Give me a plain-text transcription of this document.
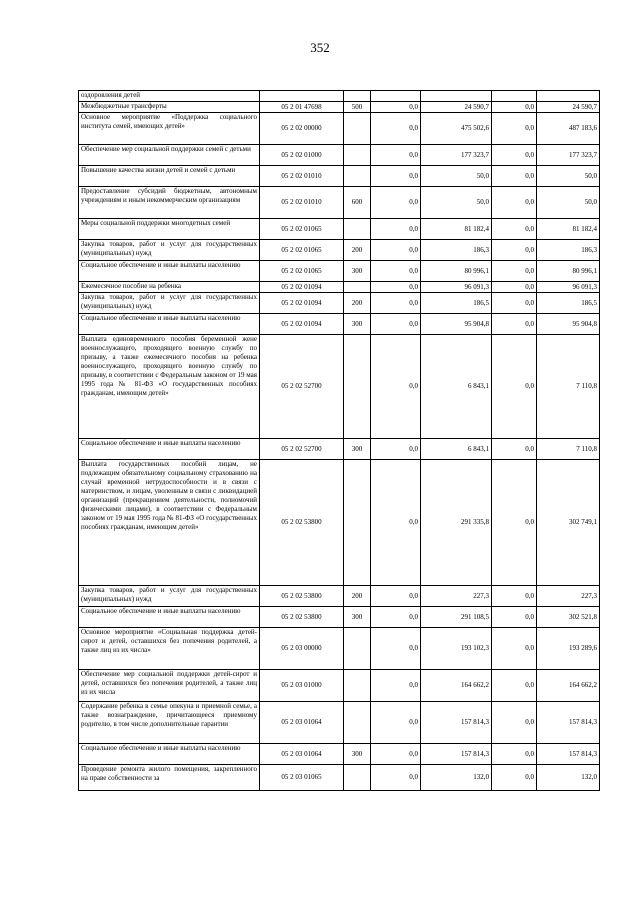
352
оздоровления детей						
Межбюджетные трансферты	05 2 01 47698	500	0,0	24 590,7	0,0	24 590,7
Основное мероприятие «Поддержка социального института семей, имеющих детей»	05 2 02 00000		0,0	475 502,6	0,0	487 183,6
Обеспечение мер социальной поддержки семей с детьми	05 2 02 01000		0,0	177 323,7	0,0	177 323,7
Повышение качества жизни детей и семей с детьми	05 2 02 01010		0,0	50,0	0,0	50,0
Предоставление субсидий бюджетным, автономным учреждениям и иным некоммерческим организациям	05 2 02 01010	600	0,0	50,0	0,0	50,0
Меры социальной поддержки многодетных семей	05 2 02 01065		0,0	81 182,4	0,0	81 182,4
Закупка товаров, работ и услуг для государственных (муниципальных) нужд	05 2 02 01065	200	0,0	186,3	0,0	186,3
Социальное обеспечение и иные выплаты населению	05 2 02 01065	300	0,0	80 996,1	0,0	80 996,1
Ежемесячное пособие на ребенка	05 2 02 01094		0,0	96 091,3	0,0	96 091,3
Закупка товаров, работ и услуг для государственных (муниципальных) нужд	05 2 02 01094	200	0,0	186,5	0,0	186,5
Социальное обеспечение и иные выплаты населению	05 2 02 01094	300	0,0	95 904,8	0,0	95 904,8
Выплата единовременного пособия беременной жене военнослужащего, проходящего военную службу по призыву, а также ежемесячного пособия на ребенка военнослужащего, проходящего военную службу по призыву, в соответствии с Федеральным законом от 19 мая 1995 года № 81-ФЗ «О государственных пособиях гражданам, имеющим детей»	05 2 02 52700		0,0	6 843,1	0,0	7 110,8
Социальное обеспечение и иные выплаты населению	05 2 02 52700	300	0,0	6 843,1	0,0	7 110,8
Выплата государственных пособий лицам, не подлежащим обязательному социальному страхованию на случай временной нетрудоспособности и в связи с материнством, и лицам, уволенным в связи с ликвидацией организаций (прекращением деятельности, полномочий физическими лицами), в соответствии с Федеральным законом от 19 мая 1995 года № 81-ФЗ «О государственных пособиях гражданам, имеющим детей»	05 2 02 53800		0,0	291 335,8	0,0	302 749,1
Закупка товаров, работ и услуг для государственных (муниципальных) нужд	05 2 02 53800	200	0,0	227,3	0,0	227,3
Социальное обеспечение и иные выплаты населению	05 2 02 53800	300	0,0	291 108,5	0,0	302 521,8
Основное мероприятие «Социальная поддержка детей-сирот и детей, оставшихся без попечения родителей, а также лиц из их числа»	05 2 03 00000		0,0	193 102,3	0,0	193 289,6
Обеспечение мер социальной поддержки детей-сирот и детей, оставшихся без попечения родителей, а также лиц из их числа	05 2 03 01000		0,0	164 662,2	0,0	164 662,2
Содержание ребенка в семье опекуна и приемной семье, а также вознаграждение, причитающееся приемному родителю, в том числе дополнительные гарантии	05 2 03 01064		0,0	157 814,3	0,0	157 814,3
Социальное обеспечение и иные выплаты населению	05 2 03 01064	300	0,0	157 814,3	0,0	157 814,3
Проведение ремонта жилого помещения, закрепленного на праве собственности за	05 2 03 01065		0,0	132,0	0,0	132,0
